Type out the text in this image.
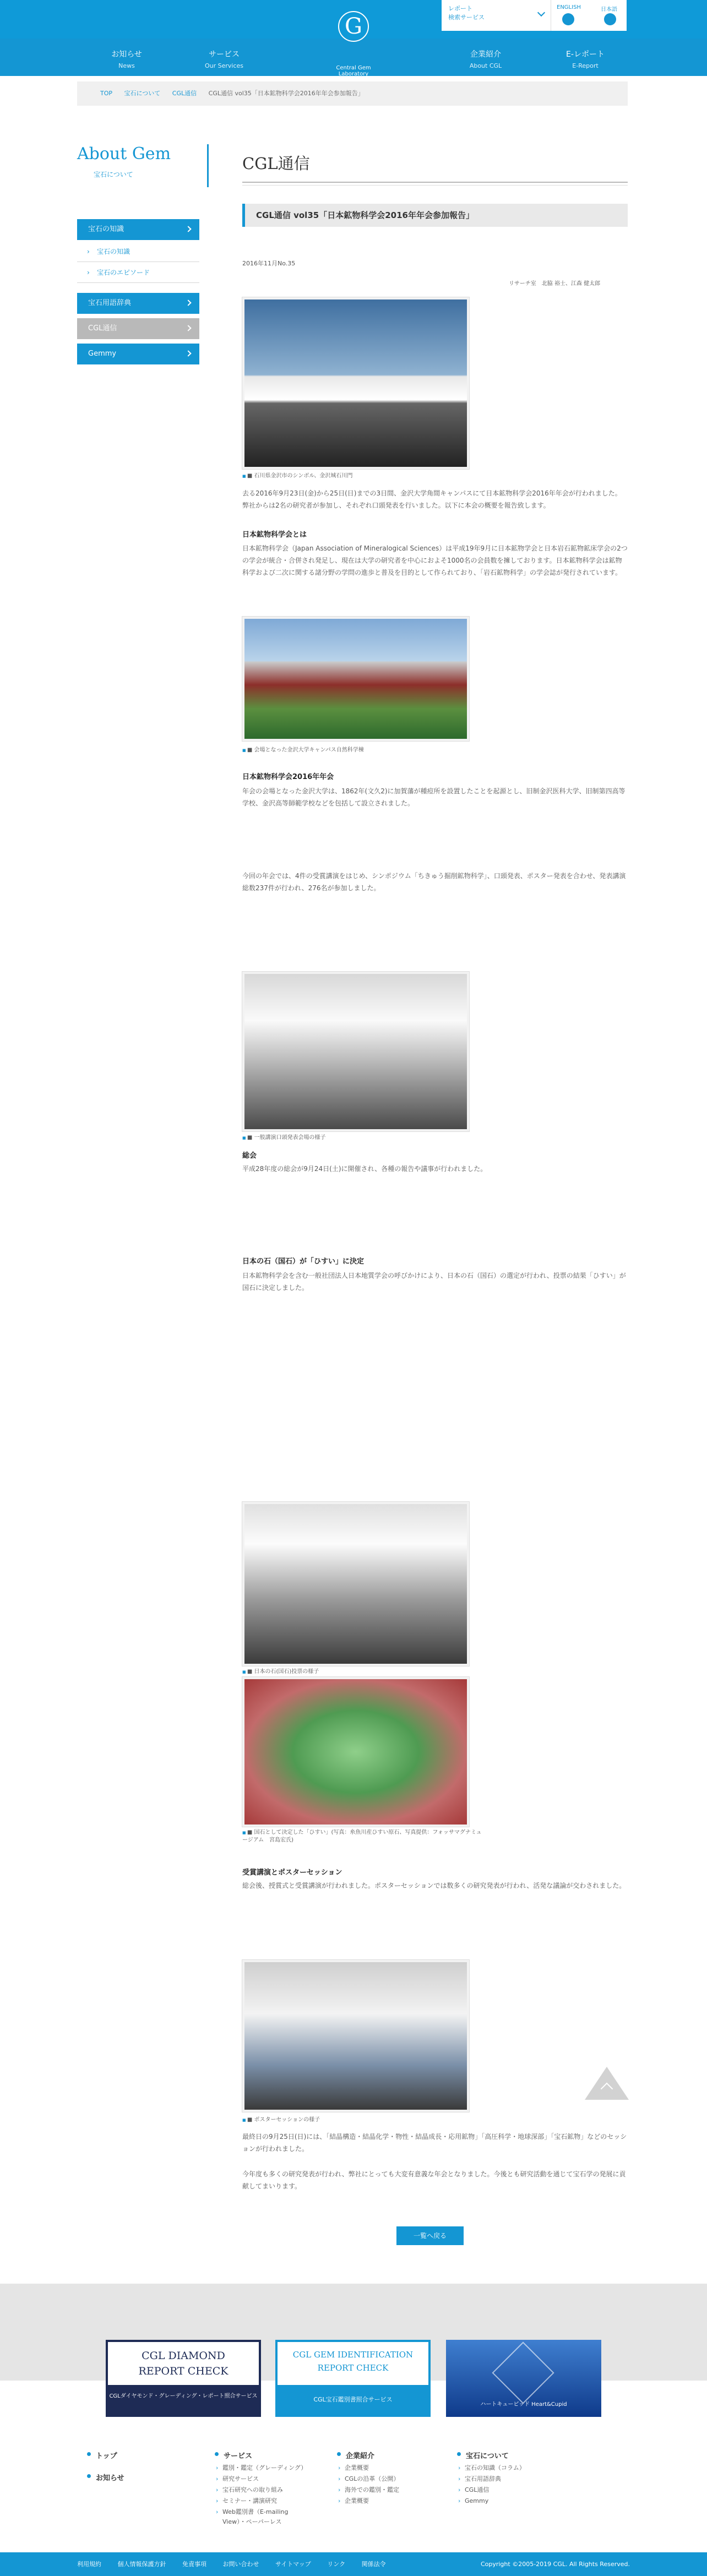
G
Central Gem Laboratory
レポート
検索サービス
ENGLISH	日本語
お知らせ
News
サービス
Our Services
企業紹介
About CGL
E-レポート
E-Report
TOP 宝石について CGL通信 CGL通信 vol35「日本鉱物科学会2016年年会参加報告」
About Gem
宝石について
宝石の知識
› 宝石の知識
› 宝石のエピソード
宝石用語辞典
CGL通信
Gemmy
CGL通信
CGL通信 vol35「日本鉱物科学会2016年年会参加報告」
2016年11月No.35
リサーチ室　北脇 裕士、江森 健太郎
■ ■ 石川県金沢市のシンボル、金沢城石川門
去る2016年9月23日(金)から25日(日)までの3日間、金沢大学角間キャンパスにて日本鉱物科学会2016年年会が行われました。弊社からは2名の研究者が参加し、それぞれ口頭発表を行いました。以下に本会の概要を報告致します。
日本鉱物科学会とは
日本鉱物科学会（Japan Association of Mineralogical Sciences）は平成19年9月に日本鉱物学会と日本岩石鉱物鉱床学会の2つの学会が統合・合併され発足し、現在は大学の研究者を中心におよそ1000名の会員数を擁しております。日本鉱物科学会は鉱物科学および二次に関する諸分野の学問の進歩と普及を目的として作られており、「岩石鉱物科学」の学会誌が発行されています。
■ ■ 会場となった金沢大学キャンパス自然科学棟
日本鉱物科学会2016年年会
年会の会場となった金沢大学は、1862年(文久2)に加賀藩が種痘所を設置したことを起源とし、旧制金沢医科大学、旧制第四高等学校、金沢高等師範学校などを包括して設立されました。
今回の年会では、4件の受賞講演をはじめ、シンポジウム「ちきゅう掘削鉱物科学」、口頭発表、ポスター発表を合わせ、発表講演総数237件が行われ、276名が参加しました。
■ ■ 一般講演口頭発表会場の様子
総会
平成28年度の総会が9月24日(土)に開催され、各種の報告や議事が行われました。
日本の石（国石）が「ひすい」に決定
日本鉱物科学会を含む一般社団法人日本地質学会の呼びかけにより、日本の石（国石）の選定が行われ、投票の結果「ひすい」が国石に決定しました。
■ ■ 日本の石(国石)投票の様子
■ ■ 国石として決定した「ひすい」(写真：糸魚川産ひすい原石、写真提供：フォッサマグナミュージアム　宮島宏氏)
受賞講演とポスターセッション
総会後、授賞式と受賞講演が行われました。ポスターセッションでは数多くの研究発表が行われ、活発な議論が交わされました。
■ ■ ポスターセッションの様子
最終日の9月25日(日)には、「結晶構造・結晶化学・物性・結晶成長・応用鉱物」「高圧科学・地球深部」「宝石鉱物」などのセッションが行われました。
今年度も多くの研究発表が行われ、弊社にとっても大変有意義な年会となりました。今後とも研究活動を通じて宝石学の発展に貢献してまいります。
一覧へ戻る
CGL DIAMOND
REPORT CHECK
CGLダイヤモンド・グレーディング・レポート照合サービス
CGL GEM IDENTIFICATION
REPORT CHECK
CGL宝石鑑別書照合サービス
ハートキューピッド Heart&Cupid
トップ
お知らせ
サービス
› 鑑別・鑑定（グレーディング）
› 研究サービス
› 宝石研究への取り組み
› セミナー・講演研究
› Web鑑別書（E-mailing View）・ペーパーレス
企業紹介
› 企業概要
› CGLの沿革（公開）
› 海外での鑑別・鑑定
› 企業概要
宝石について
› 宝石の知識（コラム）
› 宝石用語辞典
› CGL通信
› Gemmy
利用規約	個人情報保護方針	免責事項	お問い合わせ	サイトマップ	リンク	関係法令	Copyright ©2005-2019 CGL. All Rights Reserved.
